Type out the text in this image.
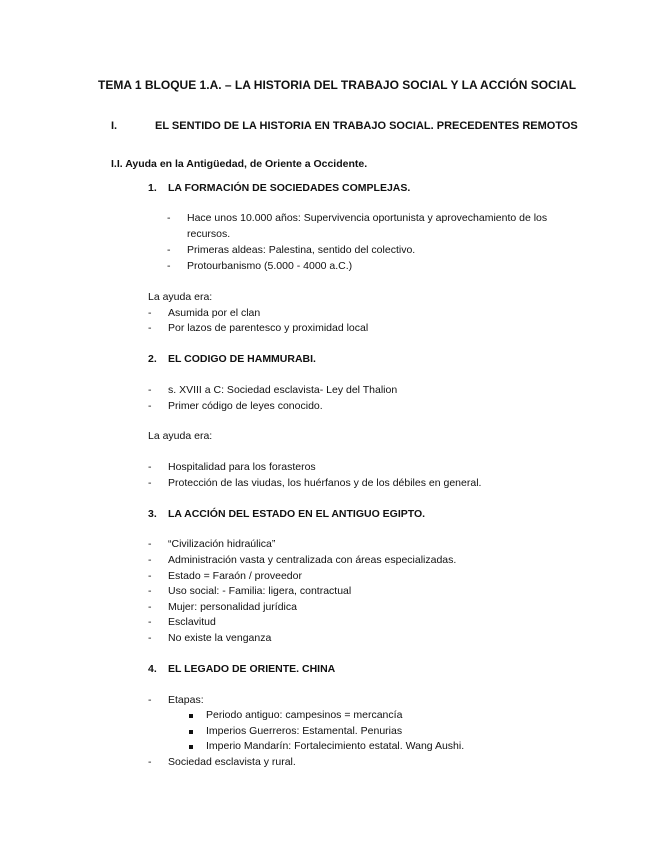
TEMA 1 BLOQUE 1.A. – LA HISTORIA DEL TRABAJO SOCIAL Y LA ACCIÓN SOCIAL
I.	EL SENTIDO DE LA HISTORIA EN TRABAJO SOCIAL. PRECEDENTES REMOTOS
I.I. Ayuda en la Antigüedad, de Oriente a Occidente.
1. LA FORMACIÓN DE SOCIEDADES COMPLEJAS.
- Hace unos 10.000 años: Supervivencia oportunista y aprovechamiento de los
recursos.
- Primeras aldeas: Palestina, sentido del colectivo.
- Protourbanismo (5.000 - 4000 a.C.)
La ayuda era:
- Asumida por el clan
- Por lazos de parentesco y proximidad local
2. EL CODIGO DE HAMMURABI.
- s. XVIII a C: Sociedad esclavista- Ley del Thalion
- Primer código de leyes conocido.
La ayuda era:
- Hospitalidad para los forasteros
- Protección de las viudas, los huérfanos y de los débiles en general.
3. LA ACCIÓN DEL ESTADO EN EL ANTIGUO EGIPTO.
- “Civilización hidraúlica”
- Administración vasta y centralizada con áreas especializadas.
- Estado = Faraón / proveedor
- Uso social: - Familia: ligera, contractual
- Mujer: personalidad jurídica
- Esclavitud
- No existe la venganza
4. EL LEGADO DE ORIENTE. CHINA
- Etapas:
Periodo antiguo: campesinos = mercancía
Imperios Guerreros: Estamental. Penurias
Imperio Mandarín: Fortalecimiento estatal. Wang Aushi.
- Sociedad esclavista y rural.
